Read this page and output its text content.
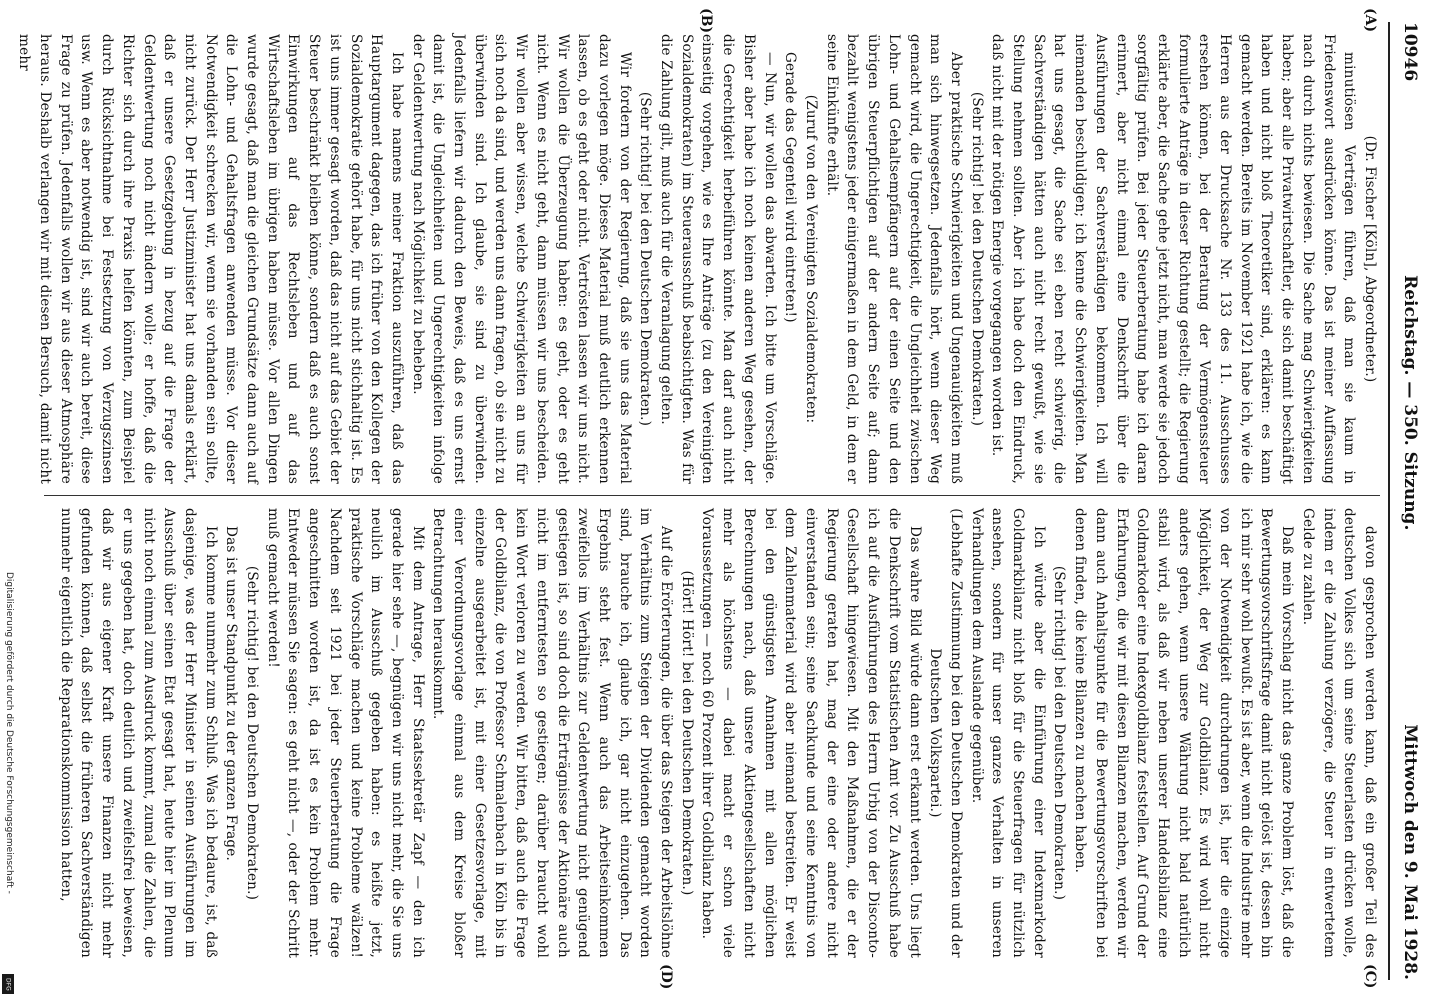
10946
Reichstag. — 350. Sitzung.
Mittwoch den 9. Mai 1928.
(A)
(B)
(C)
(D)

(Dr. Fischer [Köln], Abgeordneter.)

minutiösen Verträgen führen, daß man sie kaum in Friedenswort ausdrücken könne. Das ist meiner Auffassung nach durch nichts bewiesen. Die Sache mag Schwierigkeiten haben; aber alle Privatwirtschaftler, die sich damit beschäftigt haben und nicht bloß Theoretiker sind, erklären: es kann gemacht werden. Bereits im November 1921 habe ich, wie die Herren aus der Drucksache Nr. 133 des 11. Ausschusses ersehen können, bei der Beratung der Vermögenssteuer formulierte Anträge in dieser Richtung gestellt; die Regierung erklärte aber, die Sache gehe jetzt nicht, man werde sie jedoch sorgfältig prüfen. Bei jeder Steuerberatung habe ich daran erinnert, aber nicht einmal eine Denkschrift über die Ausführungen der Sachverständigen bekommen. Ich will niemanden beschuldigen; ich kenne die Schwierigkeiten. Man hat uns gesagt, die Sache sei eben recht schwierig, die Sachverständigen hätten auch nicht recht gewußt, wie sie Stellung nehmen sollten. Aber ich habe doch den Eindruck, daß nicht mit der nötigen Energie vorgegangen worden ist.

(Sehr richtig! bei den Deutschen Demokraten.)

Aber praktische Schwierigkeiten und Ungenauigkeiten muß man sich hinwegsetzen. Jedenfalls hört, wenn dieser Weg gemacht wird, die Ungerechtigkeit, die Ungleichheit zwischen Lohn- und Gehaltsempfängern auf der einen Seite und den übrigen Steuerpflichtigen auf der andern Seite auf; dann bezahlt wenigstens jeder einigermaßen in dem Geld, in dem er seine Einkünfte erhält.

(Zuruf von den Vereinigten Sozialdemokraten:

Gerade das Gegenteil wird eintreten!)

— Nun, wir wollen das abwarten. Ich bitte um Vorschläge. Bisher aber habe ich noch keinen anderen Weg gesehen, der die Gerechtigkeit herbeiführen könnte. Man darf auch nicht einseitig vorgehen, wie es Ihre Anträge (zu den Vereinigten Sozialdemokraten) im Steuerausschuß beabsichtigten. Was für die Zahlung gilt, muß auch für die Veranlagung gelten.

(Sehr richtig! bei den Deutschen Demokraten.)

Wir fordern von der Regierung, daß sie uns das Material dazu vorlegen möge. Dieses Material muß deutlich erkennen lassen, ob es geht oder nicht. Vertrösten lassen wir uns nicht. Wir wollen die Überzeugung haben: es geht, oder es geht nicht. Wenn es nicht geht, dann müssen wir uns bescheiden. Wir wollen aber wissen, welche Schwierigkeiten an uns für sich noch da sind, und werden uns dann fragen, ob sie nicht zu überwinden sind. Ich glaube, sie sind zu überwinden. Jedenfalls liefern wir dadurch den Beweis, daß es uns ernst damit ist, die Ungleichheiten und Ungerechtigkeiten infolge der Geldentwertung nach Möglichkeit zu beheben.

Ich habe namens meiner Fraktion auszuführen, daß das Hauptargument dagegen, das ich früher von den Kollegen der Sozialdemokratie gehört habe, für uns nicht stichhaltig ist. Es ist uns immer gesagt worden, daß das nicht auf das Gebiet der Steuer beschränkt bleiben könne, sondern daß es auch sonst Einwirkungen auf das Rechtsleben und auf das Wirtschaftsleben im übrigen haben müsse. Vor allen Dingen wurde gesagt, daß man die gleichen Grundsätze dann auch auf die Lohn- und Gehaltsfragen anwenden müsse. Vor dieser Notwendigkeit schrecken wir, wenn sie vorhanden sein sollte, nicht zurück. Der Herr Justizminister hat uns damals erklärt, daß er unsere Gesetzgebung in bezug auf die Frage der Geldentwertung noch nicht ändern wolle; er hoffe, daß die Richter sich durch ihre Praxis helfen könnten, zum Beispiel durch Rücksichtnahme bei Festsetzung von Verzugszinsen usw. Wenn es aber notwendig ist, sind wir auch bereit, diese Frage zu prüfen. Jedenfalls wollen wir aus dieser Atmosphäre heraus. Deshalb verlangen wir mit diesen Bersuch, damit nicht mehr

davon gesprochen werden kann, daß ein großer Teil des deutschen Volkes sich um seine Steuerlasten drücken wolle, indem er die Zahlung verzögere, die Steuer in entwertetem Gelde zu zahlen.

Daß mein Vorschlag nicht das ganze Problem löst, daß die Bewertungsvorschriftsfrage damit nicht gelöst ist, dessen bin ich mir sehr wohl bewußt. Es ist aber, wenn die Industrie mehr von der Notwendigkeit durchdrungen ist, hier die einzige Möglichkeit, der Weg zur Goldbilanz. Es wird wohl nicht anders gehen, wenn unsere Währung nicht bald natürlich stabil wird, als daß wir neben unserer Handelsbilanz eine Goldmarkoder eine Indexgoldbilanz feststellen. Auf Grund der Erfahrungen, die wir mit diesen Bilanzen machen, werden wir dann auch Anhaltspunkte für die Bewertungsvorschriften bei denen finden, die keine Bilanzen zu machen haben.

(Sehr richtig! bei den Deutschen Demokraten.)

Ich würde aber die Einführung einer Indexmarkoder Goldmarkbilanz nicht bloß für die Steuerfragen für nützlich ansehen, sondern für unser ganzes Verhalten in unseren Verhandlungen dem Auslande gegenüber.

(Lebhafte Zustimmung bei den Deutschen Demokraten und der Deutschen Volkspartei.)

Das wahre Bild würde dann erst erkannt werden. Uns liegt die Denkschrift vom Statistischen Amt vor. Zu Ausschuß habe ich auf die Ausführungen des Herrn Urbig von der Disconto-Gesellschaft hingewiesen. Mit den Maßnahmen, die er der Regierung geraten hat, mag der eine oder andere nicht einverstanden sein; seine Sachkunde und seine Kenntnis von dem Zahlenmaterial wird aber niemand bestreiten. Er weist bei den günstigsten Annahmen mit allen möglichen Berechnungen nach, daß unsere Aktiengesellschaften nicht mehr als höchstens — dabei macht er schon viele Voraussetzungen — noch 60 Prozent ihrer Goldbilanz haben.

(Hört! Hört! bei den Deutschen Demokraten.)

Auf die Erörterungen, die über das Steigen der Arbeitslöhne im Verhältnis zum Steigen der Dividenden gemacht worden sind, brauche ich, glaube ich, gar nicht einzugehen. Das Ergebnis steht fest. Wenn auch das Arbeitseinkommen zweifellos im Verhältnis zur Geldentwertung nicht genügend gestiegen ist, so sind doch die Erträgnisse der Aktionäre auch nicht im entferntesten so gestiegen; darüber braucht wohl kein Wort verloren zu werden. Wir bitten, daß auch die Frage der Goldbilanz, die von Professor Schmalenbach in Köln bis in einzelne ausgearbeitet ist, mit einer Gesetzesvorlage, mit einer Verordnungsvorlage einmal aus dem Kreise bloßer Betrachtungen herauskommt.

Mit dem Antrage, Herr Staatssekretär Zapf — den ich gerade hier sehe —, begnügen wir uns nicht mehr, die Sie uns neulich im Ausschuß gegeben haben: es heißte jetzt, praktische Vorschläge machen und keine Probleme wälzen! Nachdem seit 1921 bei jeder Steuerberatung die Frage angeschnitten worden ist, da ist es kein Problem mehr. Entweder müssen Sie sagen: es geht nicht —, oder der Schritt muß gemacht werden!

(Sehr richtig! bei den Deutschen Demokraten.)

Das ist unser Standpunkt zu der ganzen Frage.

Ich komme nunmehr zum Schluß. Was ich bedaure, ist, daß dasjenige, was der Herr Minister in seinen Ausführungen im Ausschuß über seinen Etat gesagt hat, heute hier im Plenum nicht noch einmal zum Ausdruck kommt, zumal die Zahlen, die er uns gegeben hat, doch deutlich und zweifelsfrei beweisen, daß wir aus eigener Kraft unsere Finanzen nicht mehr gefunden können, daß selbst die früheren Sachverständigen nunmehr eigentlich die Reparationskommission hatten,

Digitalisierung gefördert durch die Deutsche Forschungsgemeinschaft -
DFG
